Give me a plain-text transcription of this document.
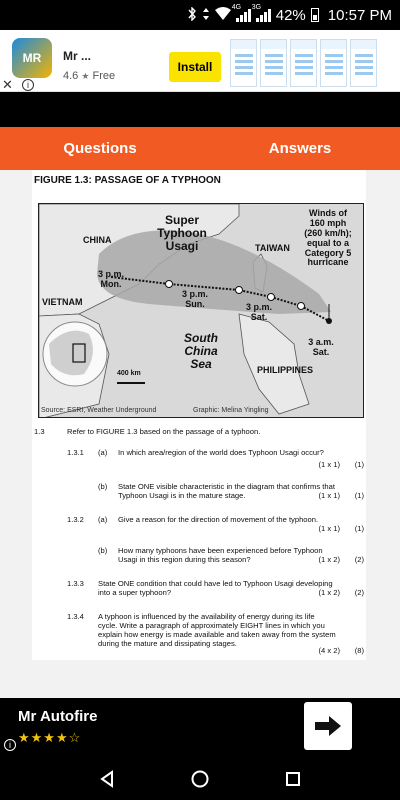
4G 3G 42% 10:57 PM
MR	Mr ...
4.6 ★ Free
Install
✕	i
Questions	Answers
FIGURE 1.3: PASSAGE OF A TYPHOON
CHINA
TAIWAN
VIETNAM
PHILIPPINES
Super
Typhoon
Usagi
Winds of
160 mph
(260 km/h);
equal to a
Category 5
hurricane
3 p.m.
Mon.
3 p.m.
Sun.	3 p.m.
Sat.
3 a.m.
Sat.
South
China
Sea
400 km
Source: ESRI, Weather Underground	Graphic: Melina Yingling
1.3	Refer to FIGURE 1.3 based on the passage of a typhoon.
1.3.1 (a) In which area/region of the world does Typhoon Usagi occur?
(1 x 1)	(1)
(b) State ONE visible characteristic in the diagram that confirms that Typhoon Usagi is in the mature stage.	(1 x 1)	(1)
1.3.2 (a) Give a reason for the direction of movement of the typhoon.
(1 x 1)	(1)
(b) How many typhoons have been experienced before Typhoon Usagi in this region during this season?	(1 x 2)	(2)
1.3.3 State ONE condition that could have led to Typhoon Usagi developing into a super typhoon?	(1 x 2)	(2)
1.3.4 A typhoon is influenced by the availability of energy during its life cycle. Write a paragraph of approximately EIGHT lines in which you explain how energy is made available and taken away from the system during the mature and dissipating stages.
(4 x 2)	(8)
Mr Autofire
★★★★☆
i
